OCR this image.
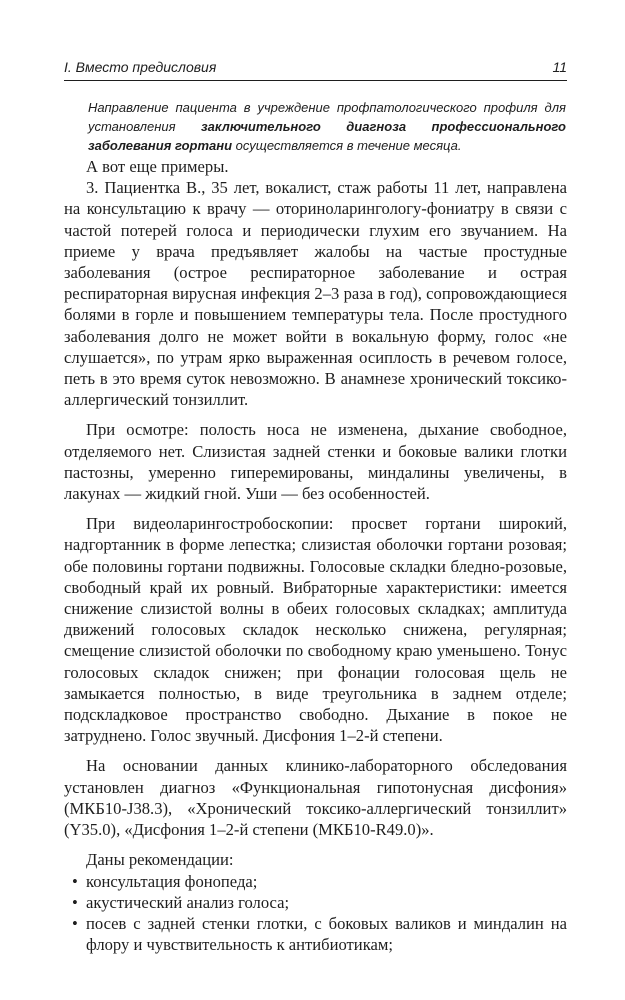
I. Вместо предисловия	11
Направление пациента в учреждение профпатологического профиля для установления заключительного диагноза профессионального заболевания гортани осуществляется в течение месяца.

А вот еще примеры.

3. Пациентка В., 35 лет, вокалист, стаж работы 11 лет, направлена на консультацию к врачу — оториноларингологу-фониатру в связи с частой потерей голоса и периодически глухим его звучанием. На приеме у врача предъявляет жалобы на частые простудные заболевания (острое респираторное заболевание и острая респираторная вирусная инфекция 2–3 раза в год), сопровождающиеся болями в горле и повышением температуры тела. После простудного заболевания долго не может войти в вокальную форму, голос «не слушается», по утрам ярко выраженная осиплость в речевом голосе, петь в это время суток невозможно. В анамнезе хронический токсико-аллергический тонзиллит.

При осмотре: полость носа не изменена, дыхание свободное, отделяемого нет. Слизистая задней стенки и боковые валики глотки пастозны, умеренно гиперемированы, миндалины увеличены, в лакунах — жидкий гной. Уши — без особенностей.

При видеоларингостробоскопии: просвет гортани широкий, надгортанник в форме лепестка; слизистая оболочки гортани розовая; обе половины гортани подвижны. Голосовые складки бледно-розовые, свободный край их ровный. Вибраторные характеристики: имеется снижение слизистой волны в обеих голосовых складках; амплитуда движений голосовых складок несколько снижена, регулярная; смещение слизистой оболочки по свободному краю уменьшено. Тонус голосовых складок снижен; при фонации голосовая щель не замыкается полностью, в виде треугольника в заднем отделе; подскладковое пространство свободно. Дыхание в покое не затруднено. Голос звучный. Дисфония 1–2-й степени.

На основании данных клинико-лабораторного обследования установлен диагноз «Функциональная гипотонусная дисфония» (МКБ10-J38.3), «Хронический токсико-аллергический тонзиллит» (Y35.0), «Дисфония 1–2-й степени (МКБ10-R49.0)».

Даны рекомендации:

• консультация фонопеда;
• акустический анализ голоса;
• посев с задней стенки глотки, с боковых валиков и миндалин на флору и чувствительность к антибиотикам;
